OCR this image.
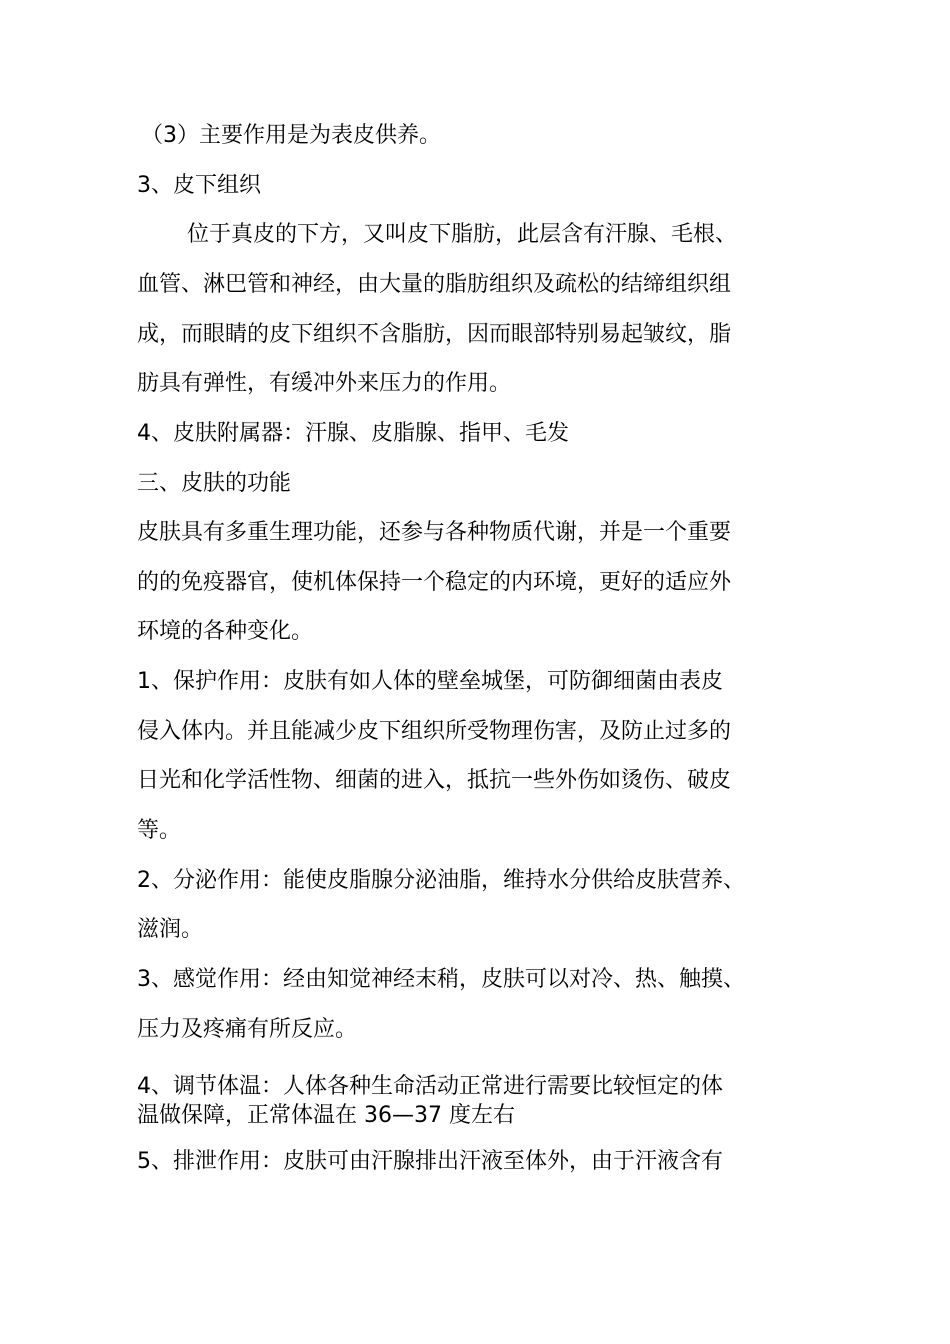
（3）主要作用是为表皮供养。
3、皮下组织
位于真皮的下方，又叫皮下脂肪，此层含有汗腺、毛根、
血管、淋巴管和神经，由大量的脂肪组织及疏松的结缔组织组
成，而眼睛的皮下组织不含脂肪，因而眼部特别易起皱纹，脂
肪具有弹性，有缓冲外来压力的作用。
4、皮肤附属器：汗腺、皮脂腺、指甲、毛发
三、皮肤的功能
皮肤具有多重生理功能，还参与各种物质代谢，并是一个重要
的的免疫器官，使机体保持一个稳定的内环境，更好的适应外
环境的各种变化。
1、保护作用：皮肤有如人体的壁垒城堡，可防御细菌由表皮
侵入体内。并且能减少皮下组织所受物理伤害，及防止过多的
日光和化学活性物、细菌的进入，抵抗一些外伤如烫伤、破皮
等。
2、分泌作用：能使皮脂腺分泌油脂，维持水分供给皮肤营养、
滋润。
3、感觉作用：经由知觉神经末稍，皮肤可以对冷、热、触摸、
压力及疼痛有所反应。
4、调节体温：人体各种生命活动正常进行需要比较恒定的体
温做保障，正常体温在 36—37 度左右
5、排泄作用：皮肤可由汗腺排出汗液至体外，由于汗液含有
